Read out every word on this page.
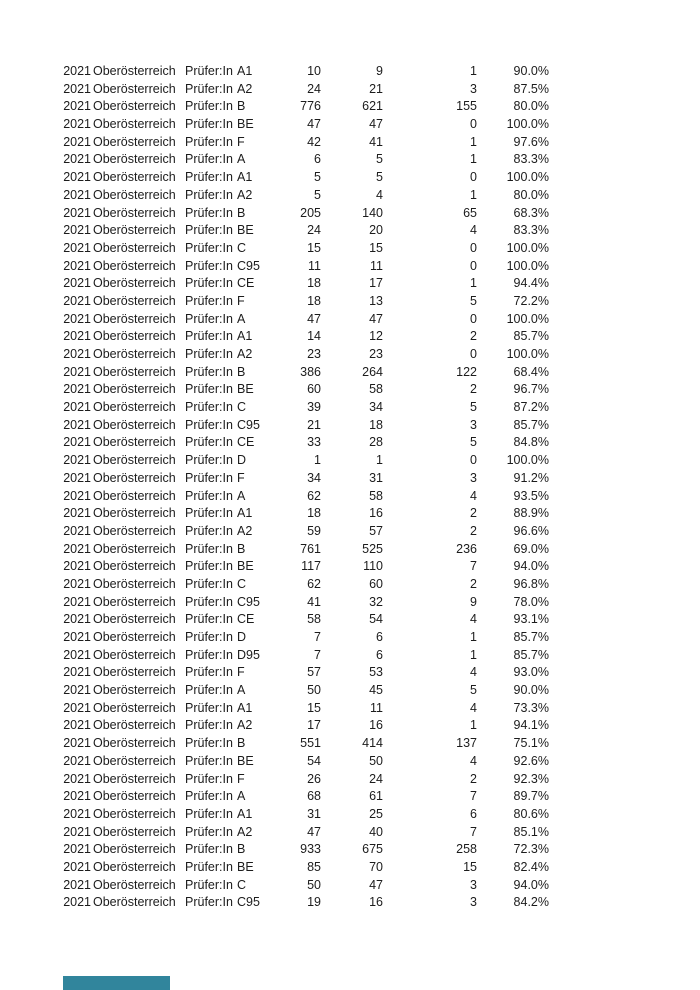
2021 Oberösterreich Prüfer:In A1	10	9	1	90.0%
2021 Oberösterreich Prüfer:In A2	24	21	3	87.5%
2021 Oberösterreich Prüfer:In B	776	621	155	80.0%
2021 Oberösterreich Prüfer:In BE	47	47	0	100.0%
2021 Oberösterreich Prüfer:In F	42	41	1	97.6%
2021 Oberösterreich Prüfer:In A	6	5	1	83.3%
2021 Oberösterreich Prüfer:In A1	5	5	0	100.0%
2021 Oberösterreich Prüfer:In A2	5	4	1	80.0%
2021 Oberösterreich Prüfer:In B	205	140	65	68.3%
2021 Oberösterreich Prüfer:In BE	24	20	4	83.3%
2021 Oberösterreich Prüfer:In C	15	15	0	100.0%
2021 Oberösterreich Prüfer:In C95	11	11	0	100.0%
2021 Oberösterreich Prüfer:In CE	18	17	1	94.4%
2021 Oberösterreich Prüfer:In F	18	13	5	72.2%
2021 Oberösterreich Prüfer:In A	47	47	0	100.0%
2021 Oberösterreich Prüfer:In A1	14	12	2	85.7%
2021 Oberösterreich Prüfer:In A2	23	23	0	100.0%
2021 Oberösterreich Prüfer:In B	386	264	122	68.4%
2021 Oberösterreich Prüfer:In BE	60	58	2	96.7%
2021 Oberösterreich Prüfer:In C	39	34	5	87.2%
2021 Oberösterreich Prüfer:In C95	21	18	3	85.7%
2021 Oberösterreich Prüfer:In CE	33	28	5	84.8%
2021 Oberösterreich Prüfer:In D	1	1	0	100.0%
2021 Oberösterreich Prüfer:In F	34	31	3	91.2%
2021 Oberösterreich Prüfer:In A	62	58	4	93.5%
2021 Oberösterreich Prüfer:In A1	18	16	2	88.9%
2021 Oberösterreich Prüfer:In A2	59	57	2	96.6%
2021 Oberösterreich Prüfer:In B	761	525	236	69.0%
2021 Oberösterreich Prüfer:In BE	117	110	7	94.0%
2021 Oberösterreich Prüfer:In C	62	60	2	96.8%
2021 Oberösterreich Prüfer:In C95	41	32	9	78.0%
2021 Oberösterreich Prüfer:In CE	58	54	4	93.1%
2021 Oberösterreich Prüfer:In D	7	6	1	85.7%
2021 Oberösterreich Prüfer:In D95	7	6	1	85.7%
2021 Oberösterreich Prüfer:In F	57	53	4	93.0%
2021 Oberösterreich Prüfer:In A	50	45	5	90.0%
2021 Oberösterreich Prüfer:In A1	15	11	4	73.3%
2021 Oberösterreich Prüfer:In A2	17	16	1	94.1%
2021 Oberösterreich Prüfer:In B	551	414	137	75.1%
2021 Oberösterreich Prüfer:In BE	54	50	4	92.6%
2021 Oberösterreich Prüfer:In F	26	24	2	92.3%
2021 Oberösterreich Prüfer:In A	68	61	7	89.7%
2021 Oberösterreich Prüfer:In A1	31	25	6	80.6%
2021 Oberösterreich Prüfer:In A2	47	40	7	85.1%
2021 Oberösterreich Prüfer:In B	933	675	258	72.3%
2021 Oberösterreich Prüfer:In BE	85	70	15	82.4%
2021 Oberösterreich Prüfer:In C	50	47	3	94.0%
2021 Oberösterreich Prüfer:In C95	19	16	3	84.2%
